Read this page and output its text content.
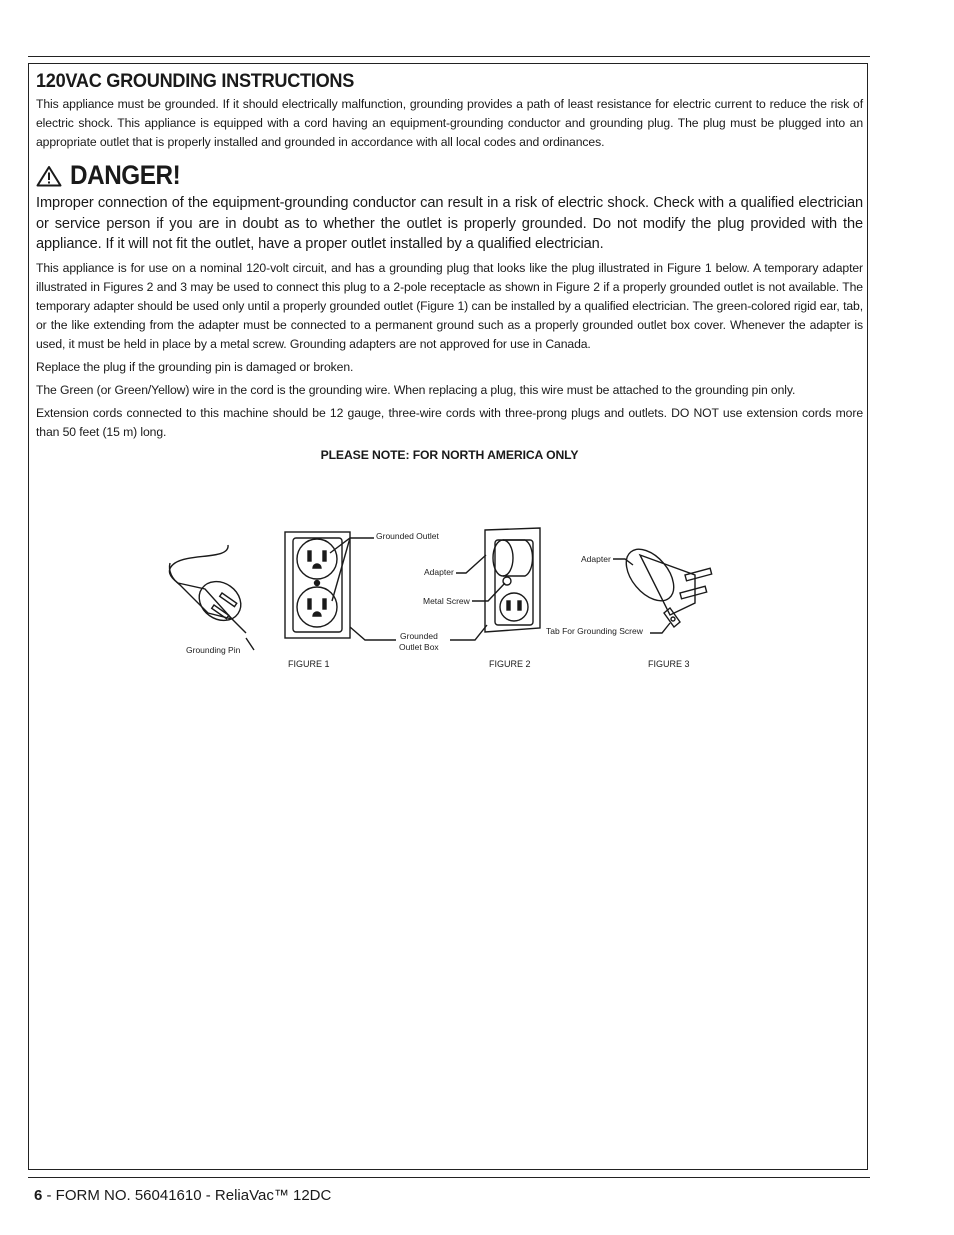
120VAC GROUNDING INSTRUCTIONS

This appliance must be grounded. If it should electrically malfunction, grounding provides a path of least resistance for electric current to reduce the risk of electric shock. This appliance is equipped with a cord having an equipment-grounding conductor and grounding plug. The plug must be plugged into an appropriate outlet that is properly installed and grounded in accordance with all local codes and ordinances.

DANGER!

Improper connection of the equipment-grounding conductor can result in a risk of electric shock. Check with a qualified electrician or service person if you are in doubt as to whether the outlet is properly grounded. Do not modify the plug provided with the appliance. If it will not fit the outlet, have a proper outlet installed by a qualified electrician.

This appliance is for use on a nominal 120-volt circuit, and has a grounding plug that looks like the plug illustrated in Figure 1 below. A temporary adapter illustrated in Figures 2 and 3 may be used to connect this plug to a 2-pole receptacle as shown in Figure 2 if a properly grounded outlet is not available. The temporary adapter should be used only until a properly grounded outlet (Figure 1) can be installed by a qualified electrician. The green-colored rigid ear, tab, or the like extending from the adapter must be connected to a permanent ground such as a properly grounded outlet box cover. Whenever the adapter is used, it must be held in place by a metal screw. Grounding adapters are not approved for use in Canada.

Replace the plug if the grounding pin is damaged or broken.

The Green (or Green/Yellow) wire in the cord is the grounding wire. When replacing a plug, this wire must be attached to the grounding pin only.

Extension cords connected to this machine should be 12 gauge, three-wire cords with three-prong plugs and outlets. DO NOT use extension cords more than 50 feet (15 m) long.

PLEASE NOTE: FOR NORTH AMERICA ONLY

Grounding Pin
Grounded Outlet
Grounded
Outlet Box
Adapter
Metal Screw
Adapter
Tab For Grounding Screw
FIGURE 1	FIGURE 2	FIGURE 3
6 - FORM NO. 56041610 - ReliaVac™ 12DC
